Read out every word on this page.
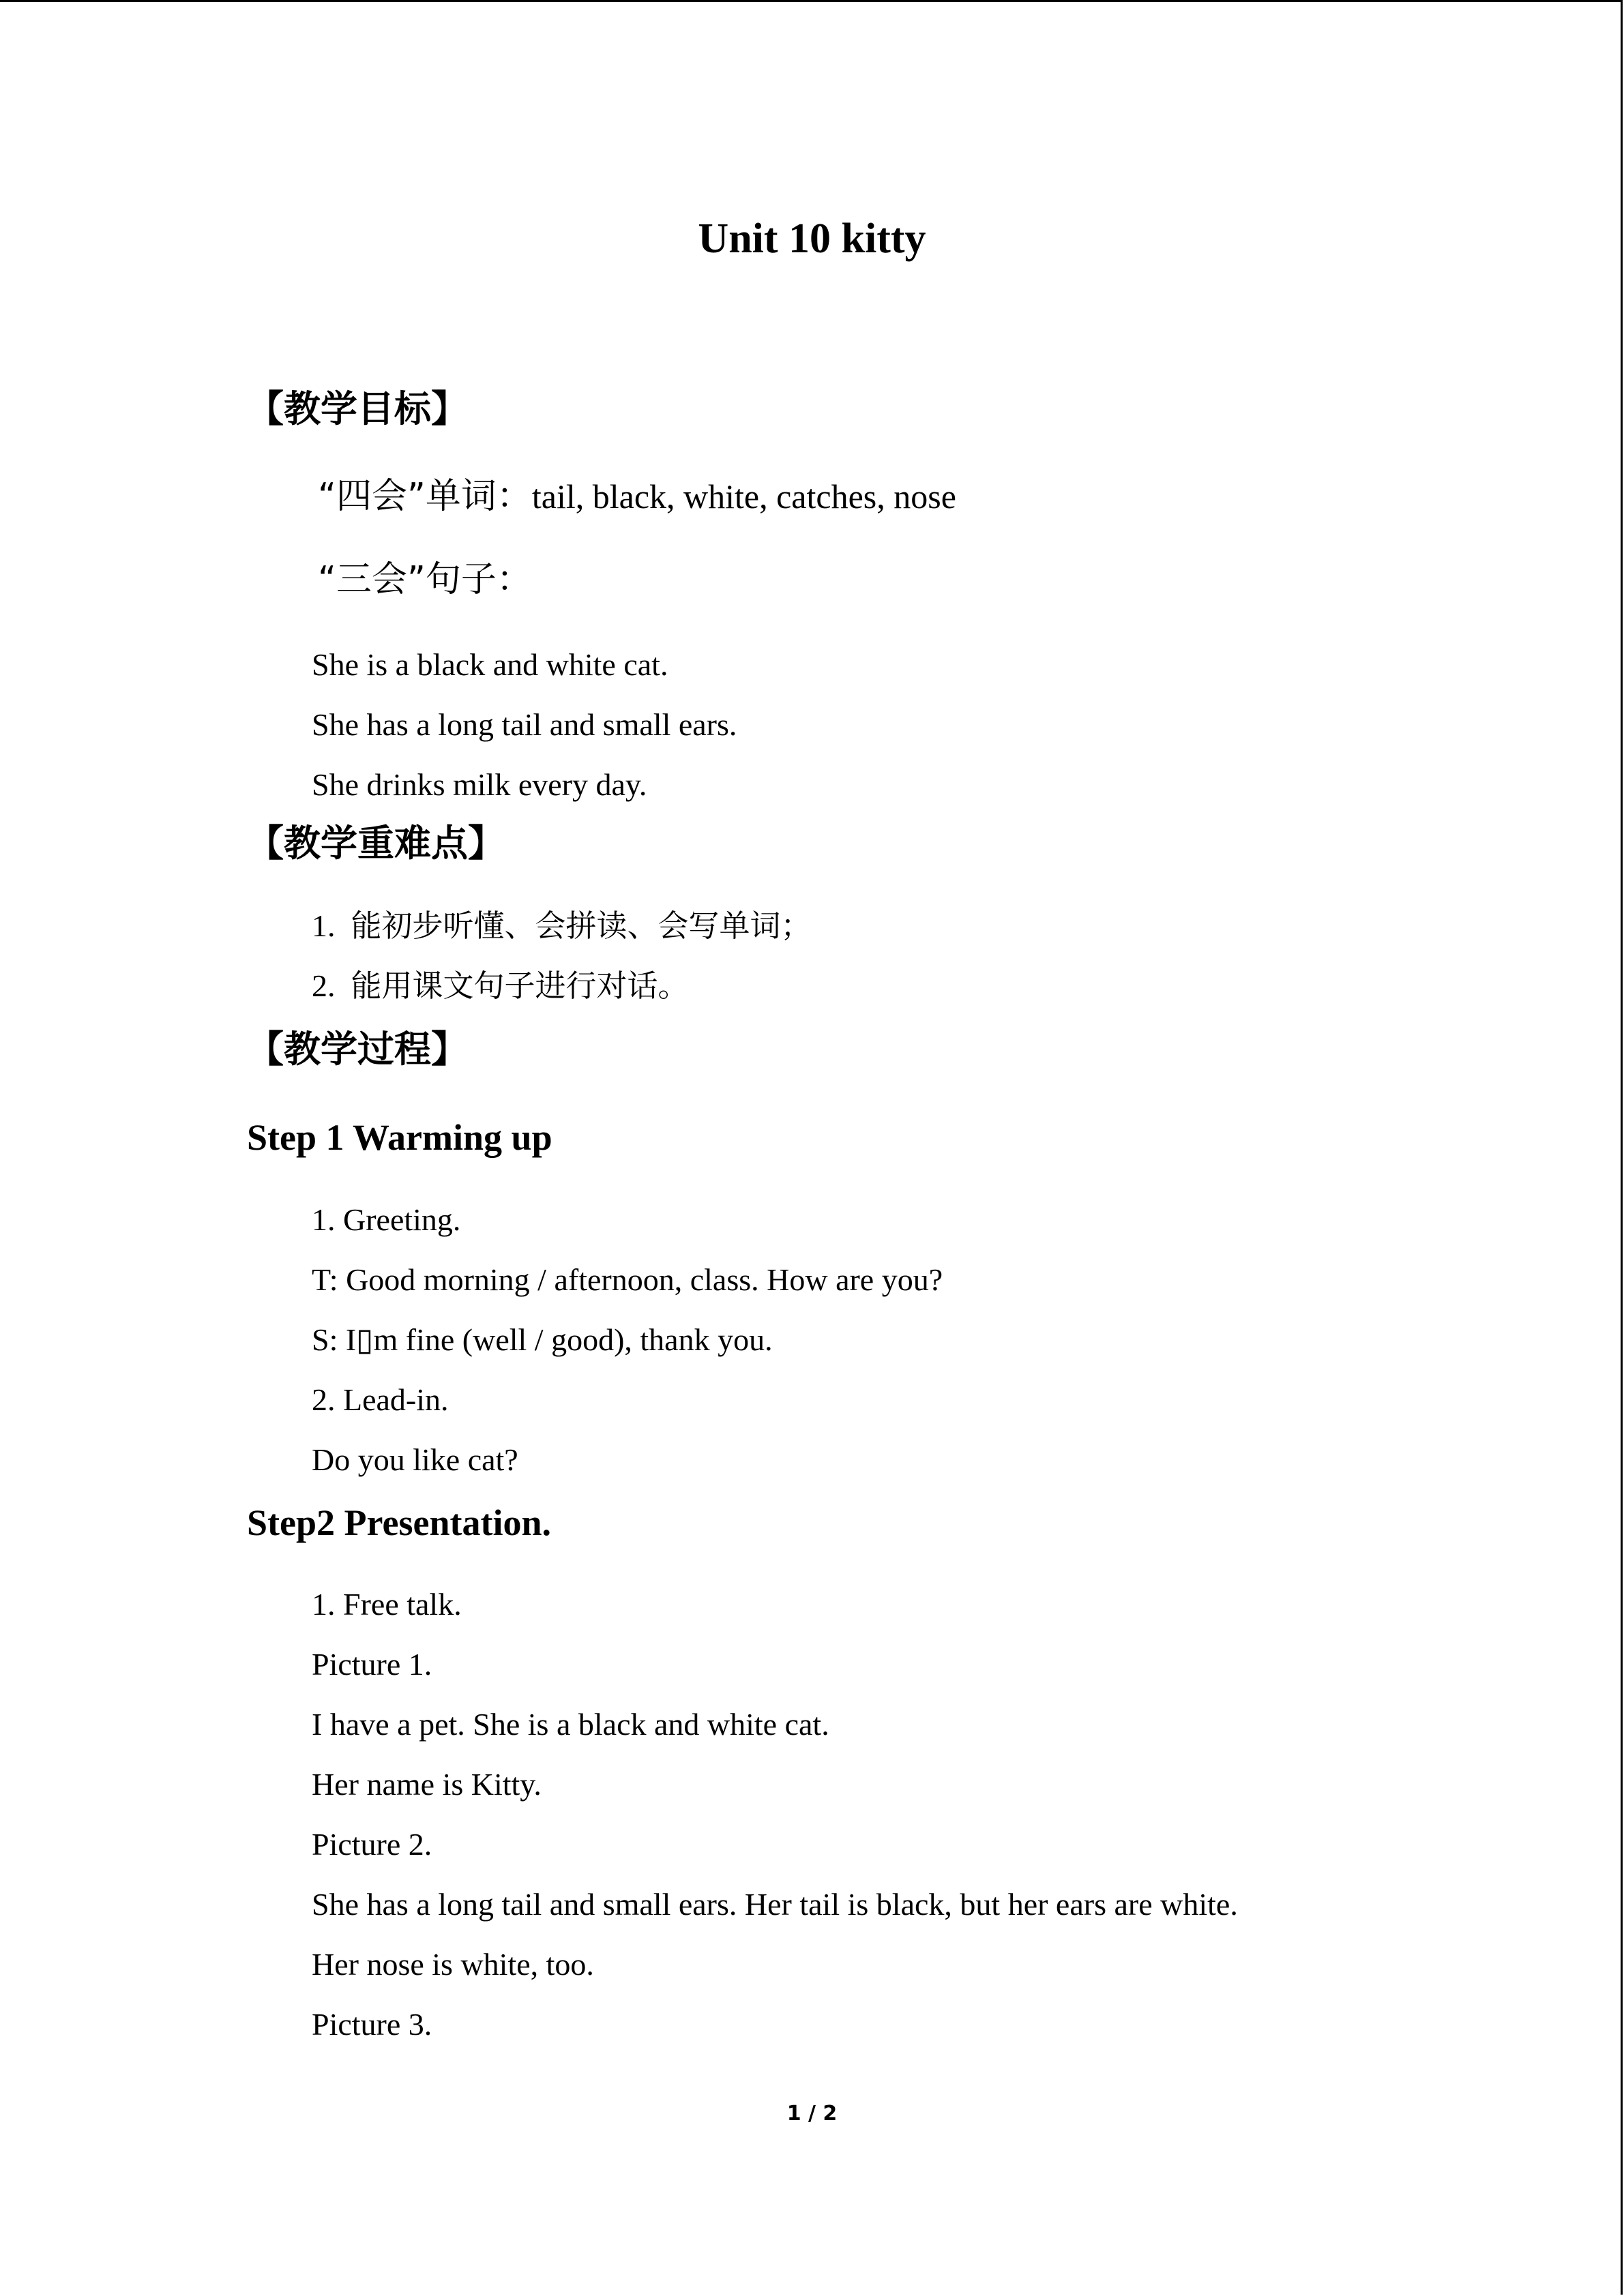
Unit 10 kitty
【教学目标】
“四会”单词：tail, black, white, catches, nose
“三会”句子：
She is a black and white cat.
She has a long tail and small ears.
She drinks milk every day.
【教学重难点】
1. 能初步听懂、会拼读、会写单词；
2. 能用课文句子进行对话。
【教学过程】
Step 1 Warming up
1. Greeting.
T: Good morning / afternoon, class. How are you?
S: I▯m fine (well / good), thank you.
2. Lead-in.
Do you like cat?
Step2 Presentation.
1. Free talk.
Picture 1.
I have a pet. She is a black and white cat.
Her name is Kitty.
Picture 2.
She has a long tail and small ears. Her tail is black, but her ears are white.
Her nose is white, too.
Picture 3.
1 / 2
